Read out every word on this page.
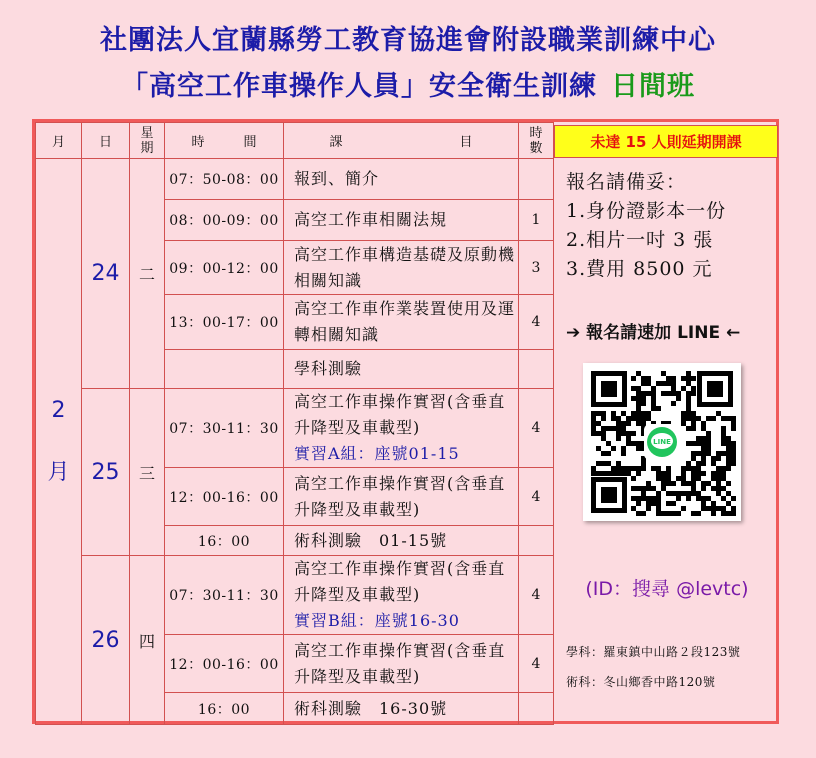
社團法人宜蘭縣勞工教育協進會附設職業訓練中心
「高空工作車操作人員」安全衛生訓練 日間班
月	日	星期	時　　　間	課　　　　　　　　　目	時數

2
月	24	二	07：50-08：00	報到、簡介	
			08：00-09：00	高空工作車相關法規	1
			09：00-12：00	高空工作車構造基礎及原動機相關知識	3
			13：00-17：00	高空工作車作業裝置使用及運轉相關知識	4
				學科測驗	
	25	三	07：30-11：30	高空工作車操作實習(含垂直升降型及車載型)
實習A組：座號01-15	4
			12：00-16：00	高空工作車操作實習(含垂直升降型及車載型)	4
			16：00	術科測驗　01-15號	
	26	四	07：30-11：30	高空工作車操作實習(含垂直升降型及車載型)
實習B組：座號16-30	4
			12：00-16：00	高空工作車操作實習(含垂直升降型及車載型)	4
			16：00	術科測驗　16-30號	
未達 15 人則延期開課
報名請備妥：
1.身份證影本一份
2.相片一吋 3 張
3.費用 8500 元
➔ 報名請速加 LINE ←
LINE
(ID：搜尋 @levtc)
學科：羅東鎮中山路２段123號
術科：冬山鄉香中路120號
